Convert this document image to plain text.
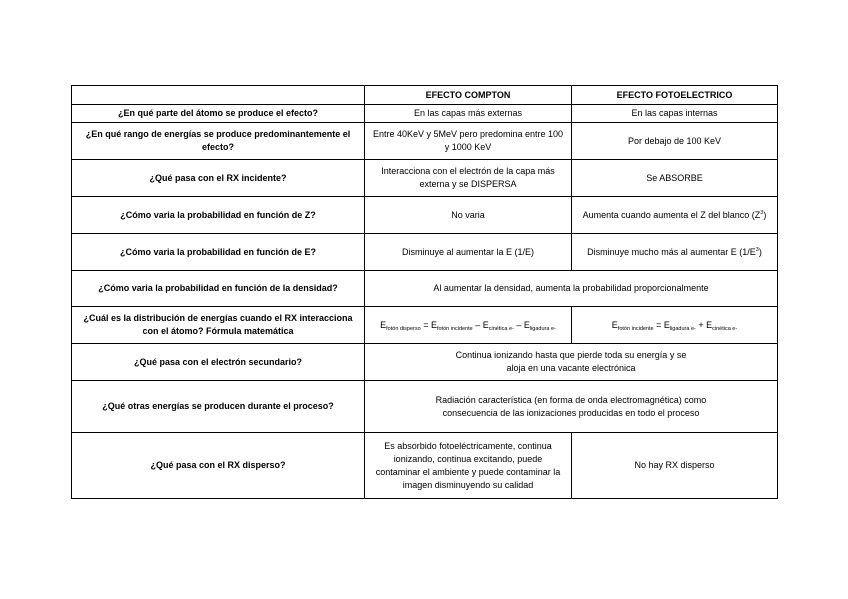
	EFECTO COMPTON	EFECTO FOTOELECTRICO
¿En qué parte del átomo se produce el efecto?	En las capas más externas	En las capas internas
¿En qué rango de energías se produce predominantemente el efecto?	Entre 40KeV y 5MeV pero predomina entre 100 y 1000 KeV	Por debajo de 100 KeV
¿Qué pasa con el RX incidente?	Interacciona con el electrón de la capa más externa y se DISPERSA	Se ABSORBE
¿Cómo varia la probabilidad en función de Z?	No varia	Aumenta cuando aumenta el Z del blanco $(Z^3)$
¿Cómo varia la probabilidad en función de E?	Disminuye al aumentar la E (1/E)	Disminuye mucho más al aumentar E $(1/E^3)$
¿Cómo varia la probabilidad en función de la densidad?	Al aumentar la densidad, aumenta la probabilidad proporcionalmente	
¿Cuál es la distribución de energías cuando el RX interacciona con el átomo? Fórmula matemática	$E_{fotón disperso} = E_{fotón incidente} - E_{cinética e-} - E_{ligadura e-}$	$E_{fotón incidente} = E_{ligadura e-} + E_{cinética e-}$
¿Qué pasa con el electrón secundario?	Continua ionizando hasta que pierde toda su energía y se aloja en una vacante electrónica	
¿Qué otras energías se producen durante el proceso?	Radiación característica (en forma de onda electromagnética) como consecuencia de las ionizaciones producidas en todo el proceso	
¿Qué pasa con el RX disperso?	Es absorbido fotoeléctricamente, continua ionizando, continua excitando, puede contaminar el ambiente y puede contaminar la imagen disminuyendo su calidad	No hay RX disperso
